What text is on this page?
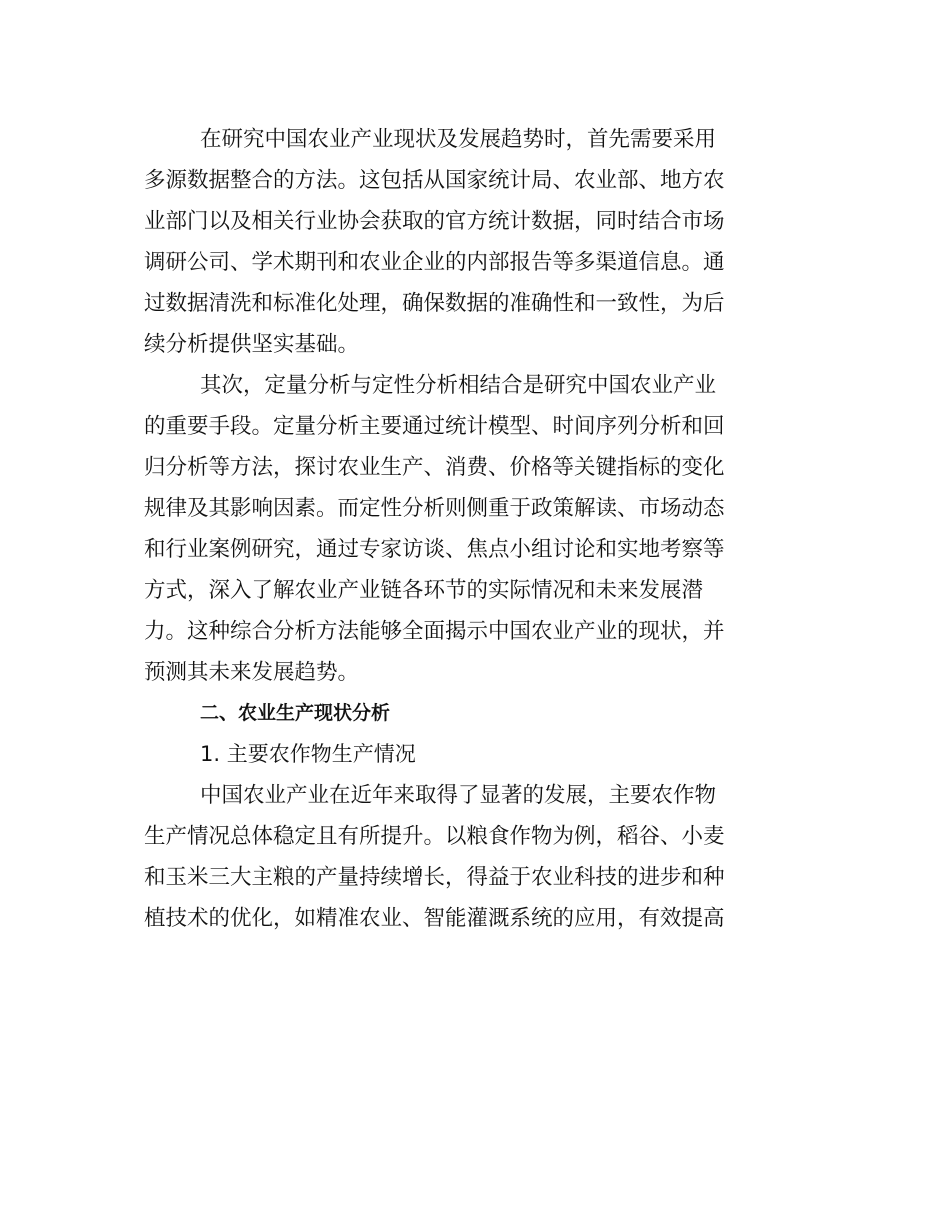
在研究中国农业产业现状及发展趋势时，首先需要采用
多源数据整合的方法。这包括从国家统计局、农业部、地方农
业部门以及相关行业协会获取的官方统计数据，同时结合市场
调研公司、学术期刊和农业企业的内部报告等多渠道信息。通
过数据清洗和标准化处理，确保数据的准确性和一致性，为后
续分析提供坚实基础。
其次，定量分析与定性分析相结合是研究中国农业产业
的重要手段。定量分析主要通过统计模型、时间序列分析和回
归分析等方法，探讨农业生产、消费、价格等关键指标的变化
规律及其影响因素。而定性分析则侧重于政策解读、市场动态
和行业案例研究，通过专家访谈、焦点小组讨论和实地考察等
方式，深入了解农业产业链各环节的实际情况和未来发展潜
力。这种综合分析方法能够全面揭示中国农业产业的现状，并
预测其未来发展趋势。
二、农业生产现状分析
1. 主要农作物生产情况
中国农业产业在近年来取得了显著的发展，主要农作物
生产情况总体稳定且有所提升。以粮食作物为例，稻谷、小麦
和玉米三大主粮的产量持续增长，得益于农业科技的进步和种
植技术的优化，如精准农业、智能灌溉系统的应用，有效提高
